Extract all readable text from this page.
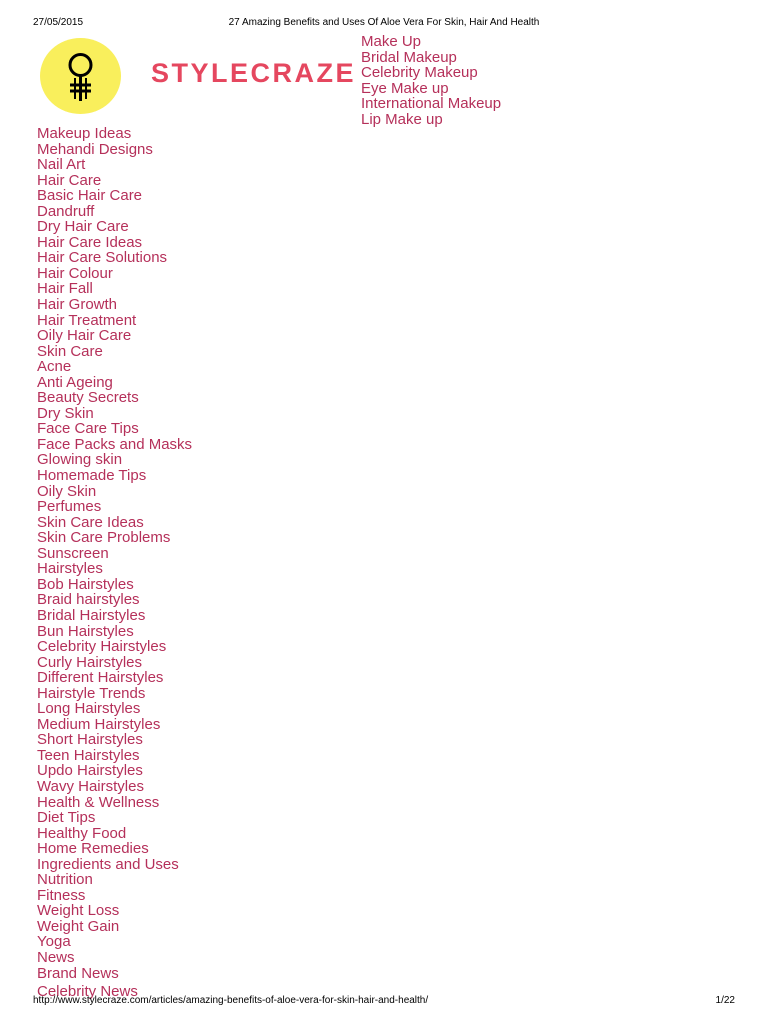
27/05/2015	27 Amazing Benefits and Uses Of Aloe Vera For Skin, Hair And Health
STYLECRAZE
Make Up
Bridal Makeup
Celebrity Makeup
Eye Make up
International Makeup
Lip Make up
Makeup Ideas
Mehandi Designs
Nail Art
Hair Care
Basic Hair Care
Dandruff
Dry Hair Care
Hair Care Ideas
Hair Care Solutions
Hair Colour
Hair Fall
Hair Growth
Hair Treatment
Oily Hair Care
Skin Care
Acne
Anti Ageing
Beauty Secrets
Dry Skin
Face Care Tips
Face Packs and Masks
Glowing skin
Homemade Tips
Oily Skin
Perfumes
Skin Care Ideas
Skin Care Problems
Sunscreen
Hairstyles
Bob Hairstyles
Braid hairstyles
Bridal Hairstyles
Bun Hairstyles
Celebrity Hairstyles
Curly Hairstyles
Different Hairstyles
Hairstyle Trends
Long Hairstyles
Medium Hairstyles
Short Hairstyles
Teen Hairstyles
Updo Hairstyles
Wavy Hairstyles
Health & Wellness
Diet Tips
Healthy Food
Home Remedies
Ingredients and Uses
Nutrition
Fitness
Weight Loss
Weight Gain
Yoga
News
Brand News
Celebrity News
http://www.stylecraze.com/articles/amazing-benefits-of-aloe-vera-for-skin-hair-and-health/	1/22
